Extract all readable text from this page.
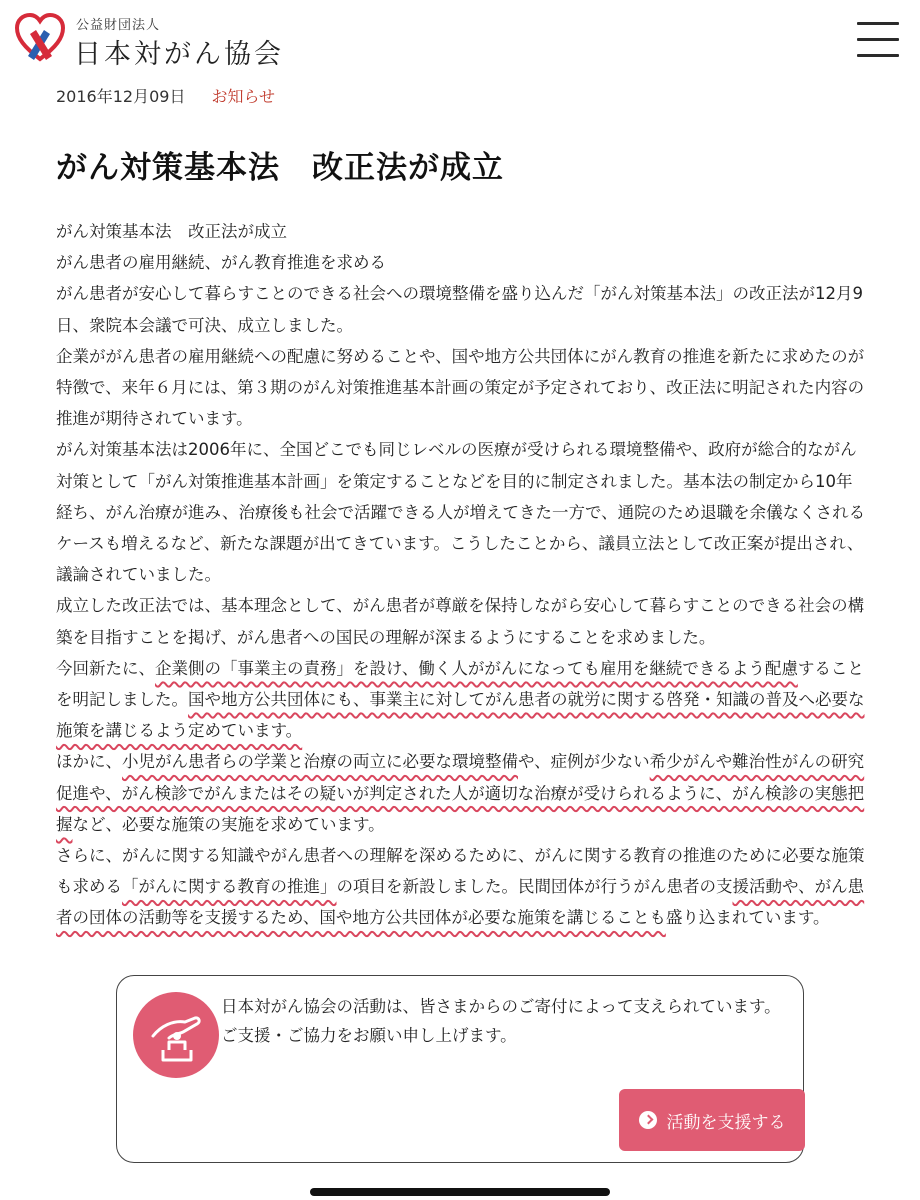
公益財団法人
日本対がん協会
2016年12月09日 お知らせ
がん対策基本法　改正法が成立

がん対策基本法　改正法が成立

がん患者の雇用継続、がん教育推進を求める

がん患者が安心して暮らすことのできる社会への環境整備を盛り込んだ「がん対策基本法」の改正法が12月9日、衆院本会議で可決、成立しました。

企業ががん患者の雇用継続への配慮に努めることや、国や地方公共団体にがん教育の推進を新たに求めたのが特徴で、来年６月には、第３期のがん対策推進基本計画の策定が予定されており、改正法に明記された内容の推進が期待されています。

がん対策基本法は2006年に、全国どこでも同じレベルの医療が受けられる環境整備や、政府が総合的ながん対策として「がん対策推進基本計画」を策定することなどを目的に制定されました。基本法の制定から10年経ち、がん治療が進み、治療後も社会で活躍できる人が増えてきた一方で、通院のため退職を余儀なくされるケースも増えるなど、新たな課題が出てきています。こうしたことから、議員立法として改正案が提出され、議論されていました。

成立した改正法では、基本理念として、がん患者が尊厳を保持しながら安心して暮らすことのできる社会の構築を目指すことを掲げ、がん患者への国民の理解が深まるようにすることを求めました。

今回新たに、企業側の「事業主の責務」を設け、働く人ががんになっても雇用を継続できるよう配慮することを明記しました。国や地方公共団体にも、事業主に対してがん患者の就労に関する啓発・知識の普及へ必要な施策を講じるよう定めています。

ほかに、小児がん患者らの学業と治療の両立に必要な環境整備や、症例が少ない希少がんや難治性がんの研究促進や、がん検診でがんまたはその疑いが判定された人が適切な治療が受けられるように、がん検診の実態把握など、必要な施策の実施を求めています。

さらに、がんに関する知識やがん患者への理解を深めるために、がんに関する教育の推進のために必要な施策も求める「がんに関する教育の推進」の項目を新設しました。民間団体が行うがん患者の支援活動や、がん患者の団体の活動等を支援するため、国や地方公共団体が必要な施策を講じることも盛り込まれています。

日本対がん協会の活動は、皆さまからのご寄付によって支えられています。

ご支援・ご協力をお願い申し上げます。

活動を支援する
